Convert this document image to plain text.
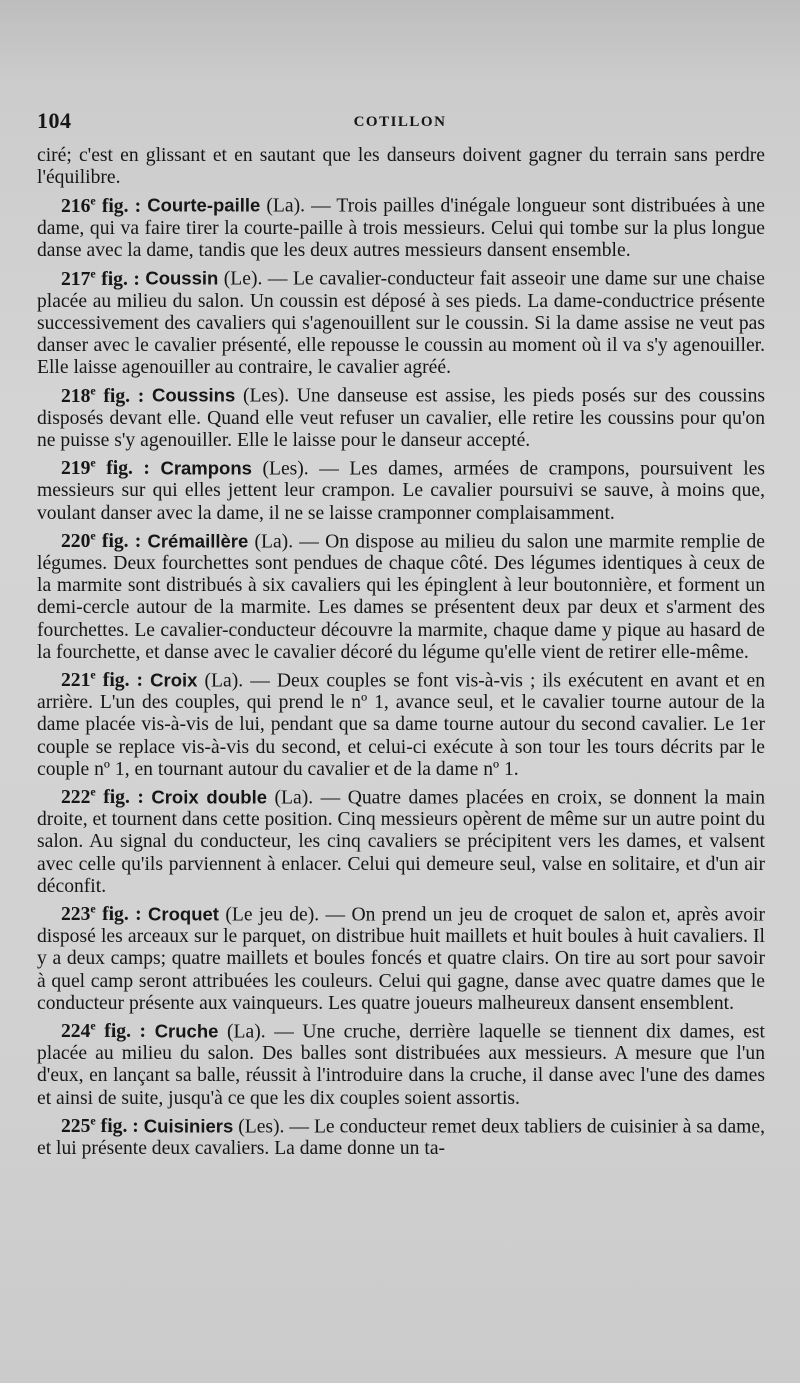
104	COTILLON

ciré; c'est en glissant et en sautant que les danseurs doivent gagner du terrain sans perdre l'équilibre.

216e fig. : Courte-paille (La). — Trois pailles d'inégale longueur sont distribuées à une dame, qui va faire tirer la courte-paille à trois messieurs. Celui qui tombe sur la plus longue danse avec la dame, tandis que les deux autres messieurs dansent ensemble.

217e fig. : Coussin (Le). — Le cavalier-conducteur fait asseoir une dame sur une chaise placée au milieu du salon. Un coussin est déposé à ses pieds. La dame-conductrice présente successivement des cavaliers qui s'agenouillent sur le coussin. Si la dame assise ne veut pas danser avec le cavalier présenté, elle repousse le coussin au moment où il va s'y agenouiller. Elle laisse agenouiller au contraire, le cavalier agréé.

218e fig. : Coussins (Les). Une danseuse est assise, les pieds posés sur des coussins disposés devant elle. Quand elle veut refuser un cavalier, elle retire les coussins pour qu'on ne puisse s'y agenouiller. Elle le laisse pour le danseur accepté.

219e fig. : Crampons (Les). — Les dames, armées de crampons, poursuivent les messieurs sur qui elles jettent leur crampon. Le cavalier poursuivi se sauve, à moins que, voulant danser avec la dame, il ne se laisse cramponner complaisamment.

220e fig. : Crémaillère (La). — On dispose au milieu du salon une marmite remplie de légumes. Deux fourchettes sont pendues de chaque côté. Des légumes identiques à ceux de la marmite sont distribués à six cavaliers qui les épinglent à leur boutonnière, et forment un demi-cercle autour de la marmite. Les dames se présentent deux par deux et s'arment des fourchettes. Le cavalier-conducteur découvre la marmite, chaque dame y pique au hasard de la fourchette, et danse avec le cavalier décoré du légume qu'elle vient de retirer elle-même.

221e fig. : Croix (La). — Deux couples se font vis-à-vis ; ils exécutent en avant et en arrière. L'un des couples, qui prend le nº 1, avance seul, et le cavalier tourne autour de la dame placée vis-à-vis de lui, pendant que sa dame tourne autour du second cavalier. Le 1er couple se replace vis-à-vis du second, et celui-ci exécute à son tour les tours décrits par le couple nº 1, en tournant autour du cavalier et de la dame nº 1.

222e fig. : Croix double (La). — Quatre dames placées en croix, se donnent la main droite, et tournent dans cette position. Cinq messieurs opèrent de même sur un autre point du salon. Au signal du conducteur, les cinq cavaliers se précipitent vers les dames, et valsent avec celle qu'ils parviennent à enlacer. Celui qui demeure seul, valse en solitaire, et d'un air déconfit.

223e fig. : Croquet (Le jeu de). — On prend un jeu de croquet de salon et, après avoir disposé les arceaux sur le parquet, on distribue huit maillets et huit boules à huit cavaliers. Il y a deux camps; quatre maillets et boules foncés et quatre clairs. On tire au sort pour savoir à quel camp seront attribuées les couleurs. Celui qui gagne, danse avec quatre dames que le conducteur présente aux vainqueurs. Les quatre joueurs malheureux dansent ensemblent.

224e fig. : Cruche (La). — Une cruche, derrière laquelle se tiennent dix dames, est placée au milieu du salon. Des balles sont distribuées aux messieurs. A mesure que l'un d'eux, en lançant sa balle, réussit à l'introduire dans la cruche, il danse avec l'une des dames et ainsi de suite, jusqu'à ce que les dix couples soient assortis.

225e fig. : Cuisiniers (Les). — Le conducteur remet deux tabliers de cuisinier à sa dame, et lui présente deux cavaliers. La dame donne un ta-
